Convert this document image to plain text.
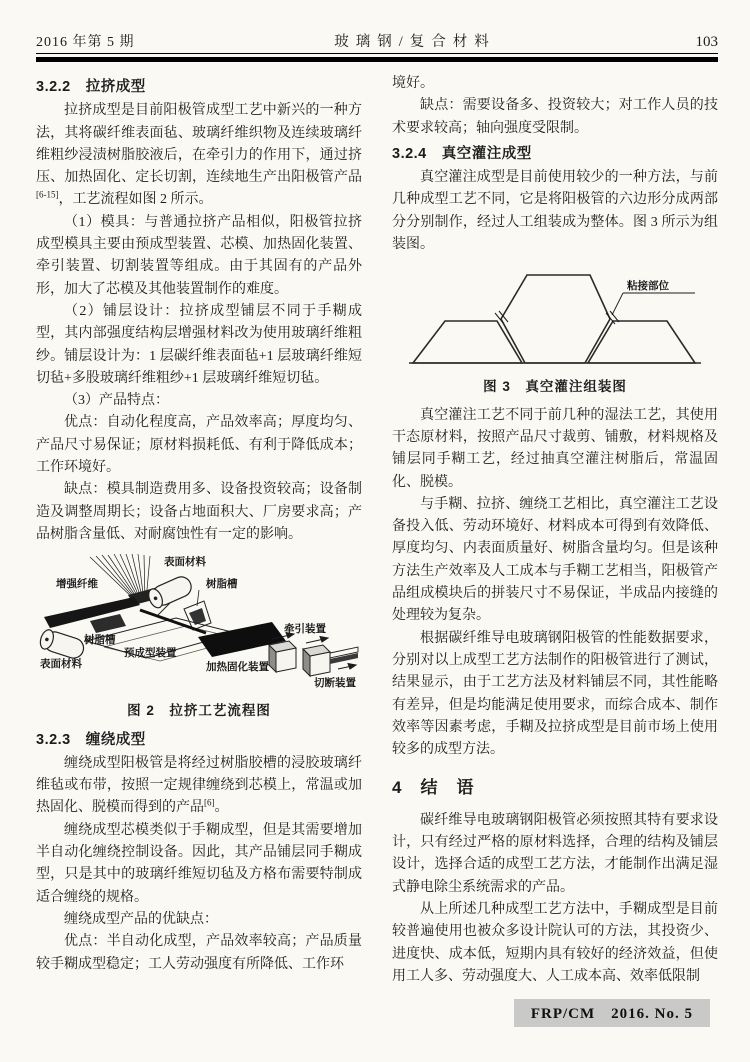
2016 年第 5 期	玻璃钢/复合材料	103
3.2.2　拉挤成型

拉挤成型是目前阳极管成型工艺中新兴的一种方法，其将碳纤维表面毡、玻璃纤维织物及连续玻璃纤维粗纱浸渍树脂胶液后，在牵引力的作用下，通过挤压、加热固化、定长切割，连续地生产出阳极管产品[6-15]，工艺流程如图 2 所示。

（1）模具：与普通拉挤产品相似，阳极管拉挤成型模具主要由预成型装置、芯模、加热固化装置、牵引装置、切割装置等组成。由于其固有的产品外形，加大了芯模及其他装置制作的难度。

（2）铺层设计：拉挤成型铺层不同于手糊成型，其内部强度结构层增强材料改为使用玻璃纤维粗纱。铺层设计为：1 层碳纤维表面毡+1 层玻璃纤维短切毡+多股玻璃纤维粗纱+1 层玻璃纤维短切毡。

（3）产品特点：

优点：自动化程度高，产品效率高；厚度均匀、产品尺寸易保证；原材料损耗低、有利于降低成本；工作环境好。

缺点：模具制造费用多、设备投资较高；设备制造及调整周期长；设备占地面积大、厂房要求高；产品树脂含量低、对耐腐蚀性有一定的影响。

增强纤维
表面材料
树脂槽
树脂槽
表面材料
预成型装置
加热固化装置
牵引装置
切断装置
图 2　拉挤工艺流程图
3.2.3　缠绕成型

缠绕成型阳极管是将经过树脂胶槽的浸胶玻璃纤维毡或布带，按照一定规律缠绕到芯模上，常温或加热固化、脱模而得到的产品[6]。

缠绕成型芯模类似于手糊成型，但是其需要增加半自动化缠绕控制设备。因此，其产品铺层同手糊成型，只是其中的玻璃纤维短切毡及方格布需要特制成适合缠绕的规格。

缠绕成型产品的优缺点：

优点：半自动化成型，产品效率较高；产品质量较手糊成型稳定；工人劳动强度有所降低、工作环

境好。

缺点：需要设备多、投资较大；对工作人员的技术要求较高；轴向强度受限制。

3.2.4　真空灌注成型

真空灌注成型是目前使用较少的一种方法，与前几种成型工艺不同，它是将阳极管的六边形分成两部分分别制作，经过人工组装成为整体。图 3 所示为组装图。

粘接部位
图 3　真空灌注组装图

真空灌注工艺不同于前几种的湿法工艺，其使用干态原材料，按照产品尺寸裁剪、铺敷，材料规格及铺层同手糊工艺，经过抽真空灌注树脂后，常温固化、脱模。

与手糊、拉挤、缠绕工艺相比，真空灌注工艺设备投入低、劳动环境好、材料成本可得到有效降低、厚度均匀、内表面质量好、树脂含量均匀。但是该种方法生产效率及人工成本与手糊工艺相当，阳极管产品组成模块后的拼装尺寸不易保证，半成品内接缝的处理较为复杂。

根据碳纤维导电玻璃钢阳极管的性能数据要求，分别对以上成型工艺方法制作的阳极管进行了测试，结果显示，由于工艺方法及材料铺层不同，其性能略有差异，但是均能满足使用要求，而综合成本、制作效率等因素考虑，手糊及拉挤成型是目前市场上使用较多的成型方法。

4　结　语

碳纤维导电玻璃钢阳极管必须按照其特有要求设计，只有经过严格的原材料选择，合理的结构及铺层设计，选择合适的成型工艺方法，才能制作出满足湿式静电除尘系统需求的产品。

从上所述几种成型工艺方法中，手糊成型是目前较普遍使用也被众多设计院认可的方法，其投资少、进度快、成本低，短期内具有较好的经济效益，但使用工人多、劳动强度大、人工成本高、效率低限制

FRP/CM　2016. No. 5
